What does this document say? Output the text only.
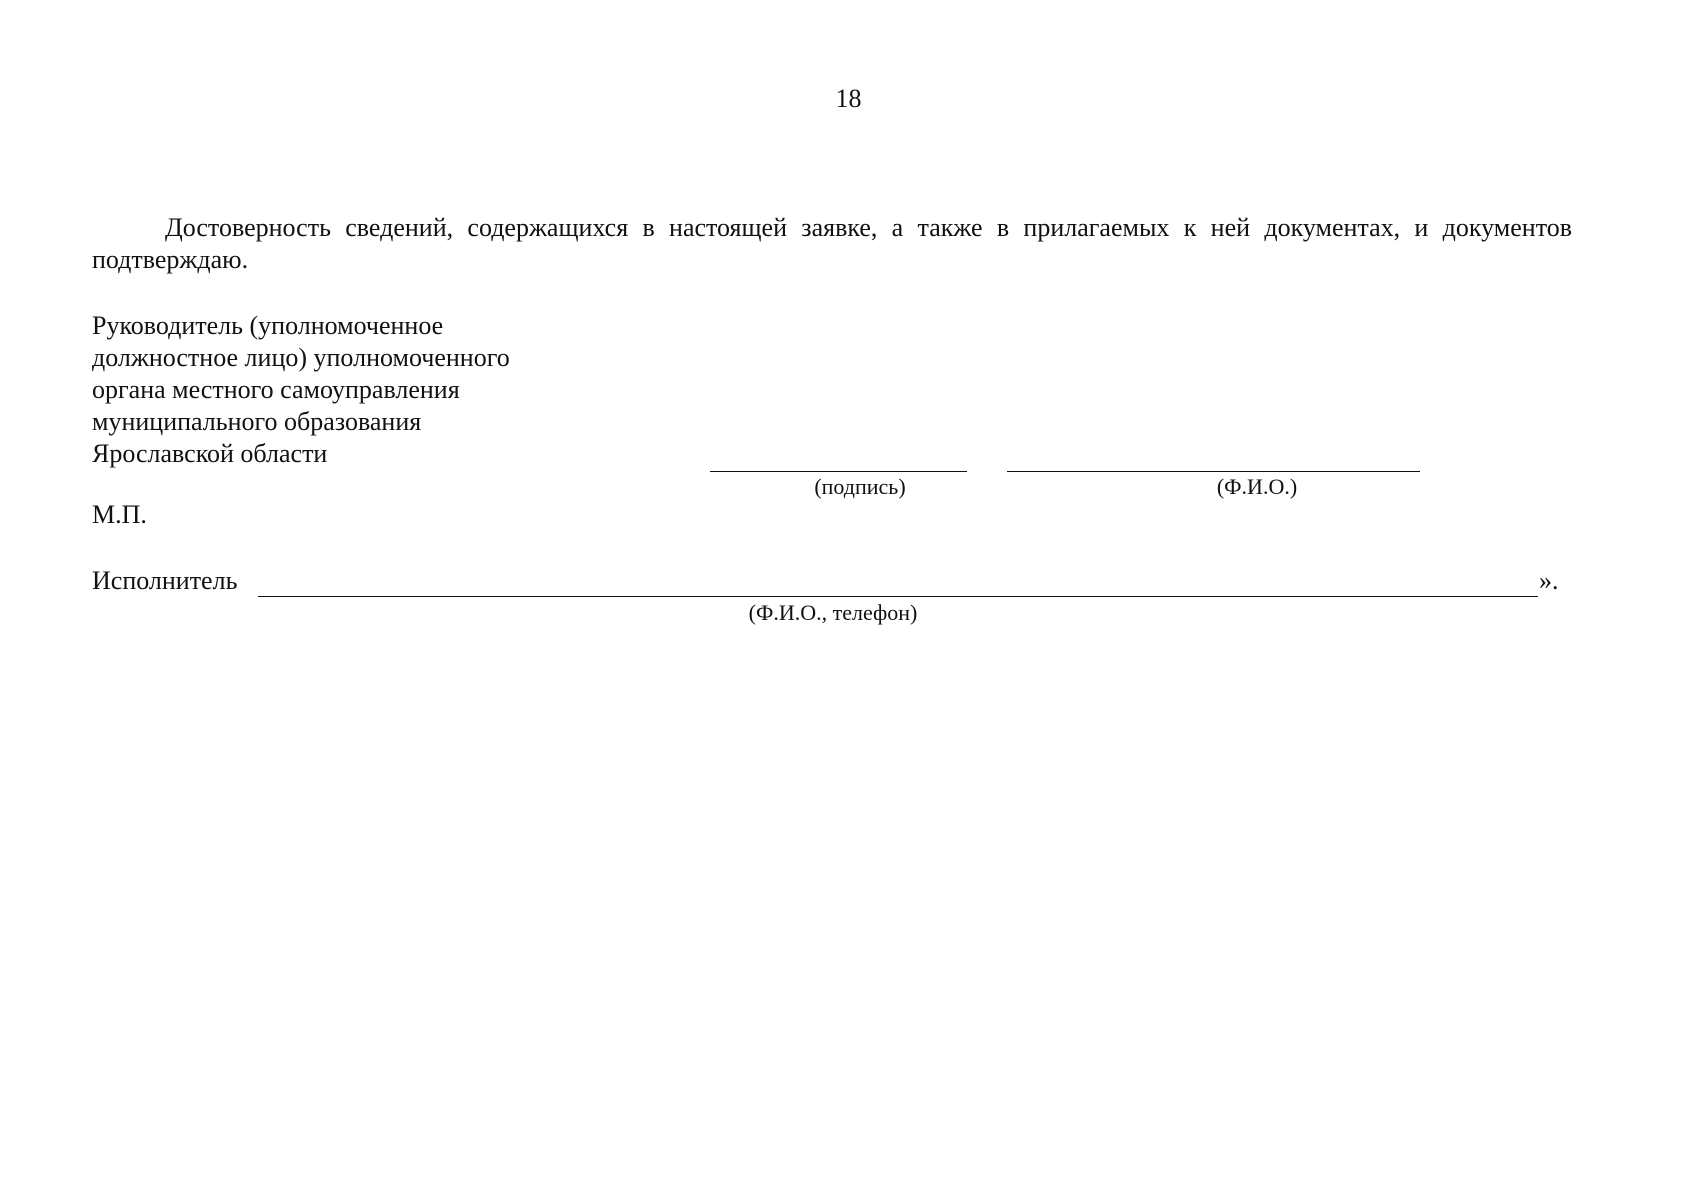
18
Достоверность сведений, содержащихся в настоящей заявке, а также в прилагаемых к ней документах, и документов подтверждаю.
Руководитель (уполномоченное
должностное лицо) уполномоченного
органа местного самоуправления
муниципального образования
Ярославской области
(подпись)	(Ф.И.О.)
М.П.
Исполнитель	».
(Ф.И.О., телефон)
